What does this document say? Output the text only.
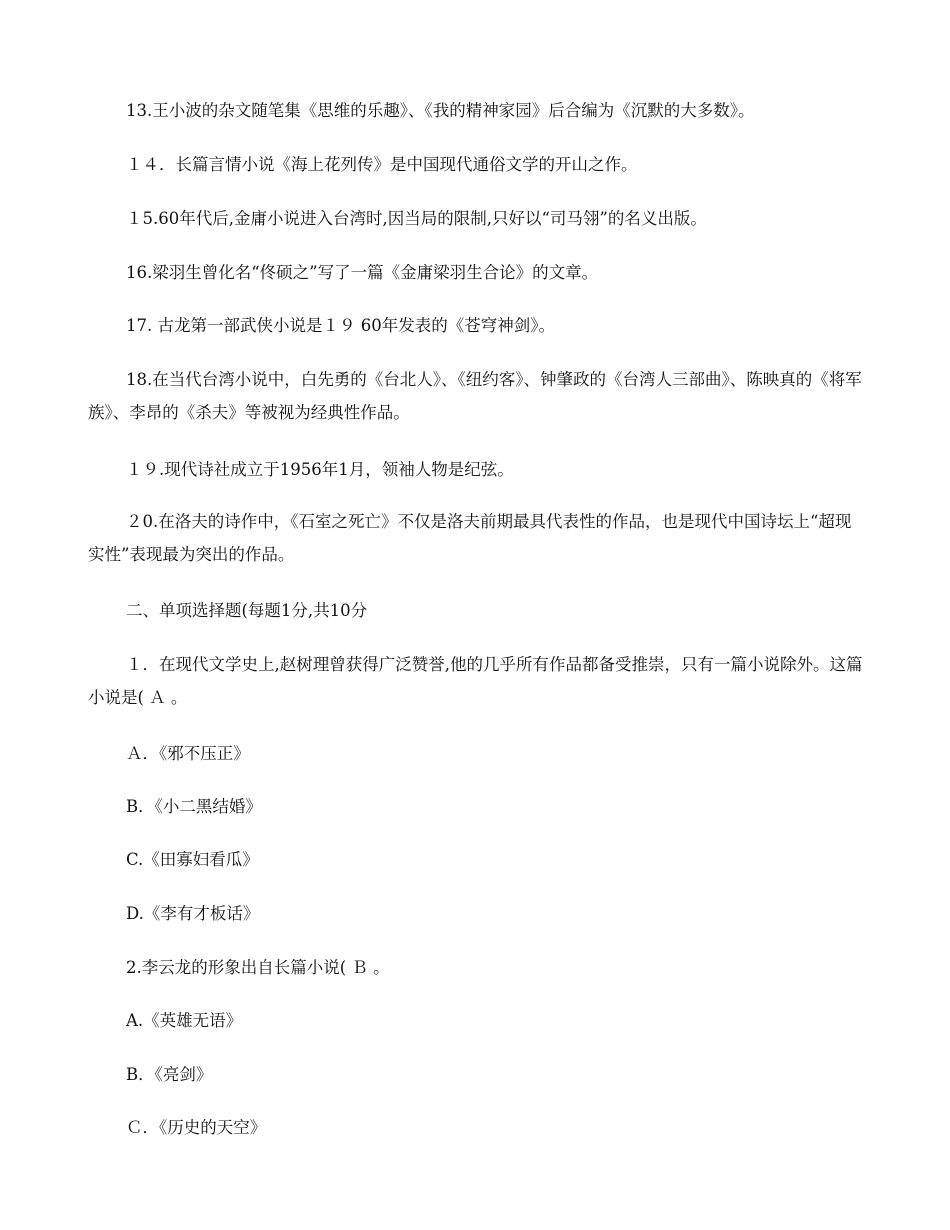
13.王小波的杂文随笔集《思维的乐趣》、《我的精神家园》后合编为《沉默的大多数》。

１４．长篇言情小说《海上花列传》是中国现代通俗文学的开山之作。

１5.60年代后,金庸小说进入台湾时,因当局的限制,只好以“司马翎”的名义出版。

16.梁羽生曾化名“佟硕之”写了一篇《金庸梁羽生合论》的文章。

17. 古龙第一部武侠小说是１９ 60年发表的《苍穹神剑》。

18.在当代台湾小说中，白先勇的《台北人》、《纽约客》、钟肇政的《台湾人三部曲》、陈映真的《将军族》、李昂的《杀夫》等被视为经典性作品。

１９.现代诗社成立于1956年1月，领袖人物是纪弦。

２0.在洛夫的诗作中，《石室之死亡》不仅是洛夫前期最具代表性的作品，也是现代中国诗坛上“超现实性”表现最为突出的作品。

二、单项选择题(每题1分,共10分

１．在现代文学史上,赵树理曾获得广泛赞誉,他的几乎所有作品都备受推崇，只有一篇小说除外。这篇小说是( Ａ 。

Ａ．《邪不压正》

B．《小二黑结婚》

C.《田寡妇看瓜》

D.《李有才板话》

2.李云龙的形象出自长篇小说( Ｂ 。

A.《英雄无语》

B．《亮剑》

Ｃ．《历史的天空》
